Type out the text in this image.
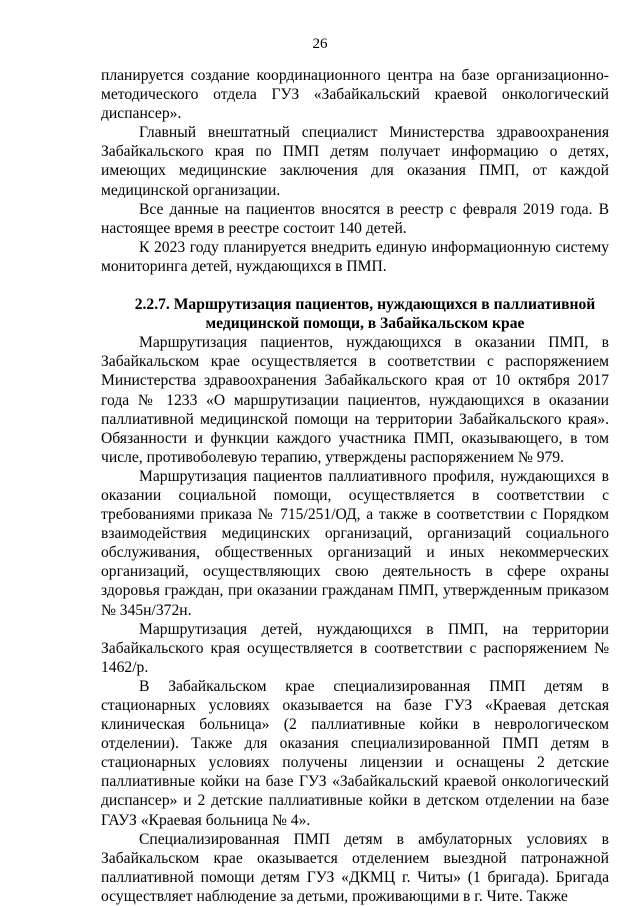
26

планируется создание координационного центра на базе организационно-методического отдела ГУЗ «Забайкальский краевой онкологический диспансер».

Главный внештатный специалист Министерства здравоохранения Забайкальского края по ПМП детям получает информацию о детях, имеющих медицинские заключения для оказания ПМП, от каждой медицинской организации.

Все данные на пациентов вносятся в реестр с февраля 2019 года. В настоящее время в реестре состоит 140 детей.

К 2023 году планируется внедрить единую информационную систему мониторинга детей, нуждающихся в ПМП.

2.2.7. Маршрутизация пациентов, нуждающихся в паллиативной
медицинской помощи, в Забайкальском крае

Маршрутизация пациентов, нуждающихся в оказании ПМП, в Забайкальском крае осуществляется в соответствии с распоряжением Министерства здравоохранения Забайкальского края от 10 октября 2017 года № 1233 «О маршрутизации пациентов, нуждающихся в оказании паллиативной медицинской помощи на территории Забайкальского края». Обязанности и функции каждого участника ПМП, оказывающего, в том числе, противоболевую терапию, утверждены распоряжением № 979.

Маршрутизация пациентов паллиативного профиля, нуждающихся в оказании социальной помощи, осуществляется в соответствии с требованиями приказа № 715/251/ОД, а также в соответствии с Порядком взаимодействия медицинских организаций, организаций социального обслуживания, общественных организаций и иных некоммерческих организаций, осуществляющих свою деятельность в сфере охраны здоровья граждан, при оказании гражданам ПМП, утвержденным приказом № 345н/372н.

Маршрутизация детей, нуждающихся в ПМП, на территории Забайкальского края осуществляется в соответствии с распоряжением № 1462/р.

В Забайкальском крае специализированная ПМП детям в стационарных условиях оказывается на базе ГУЗ «Краевая детская клиническая больница» (2 паллиативные койки в неврологическом отделении). Также для оказания специализированной ПМП детям в стационарных условиях получены лицензии и оснащены 2 детские паллиативные койки на базе ГУЗ «Забайкальский краевой онкологический диспансер» и 2 детские паллиативные койки в детском отделении на базе ГАУЗ «Краевая больница № 4».

Специализированная ПМП детям в амбулаторных условиях в Забайкальском крае оказывается отделением выездной патронажной паллиативной помощи детям ГУЗ «ДКМЦ г. Читы» (1 бригада). Бригада осуществляет наблюдение за детьми, проживающими в г. Чите. Также
